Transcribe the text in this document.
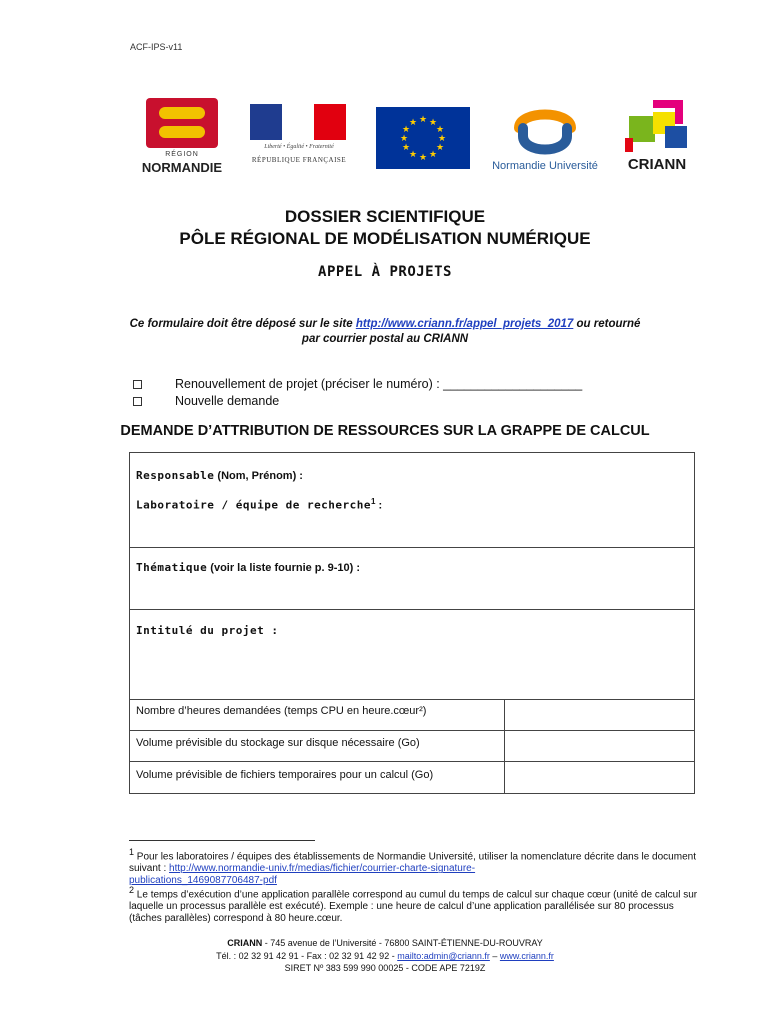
ACF-IPS-v11
RÉGION
NORMANDIE
Liberté • Égalité • Fraternité
RÉPUBLIQUE FRANÇAISE
★ ★
★
★
★
★
★
★
★
★
★
★
Normandie Université	CRIANN
DOSSIER SCIENTIFIQUE
PÔLE RÉGIONAL DE MODÉLISATION NUMÉRIQUE
APPEL À PROJETS
Ce formulaire doit être déposé sur le site http://www.criann.fr/appel_projets_2017 ou retourné
par courrier postal au CRIANN
Renouvellement de projet (préciser le numéro) : ____________________
Nouvelle demande
DEMANDE D’ATTRIBUTION DE RESSOURCES SUR LA GRAPPE DE CALCUL
Responsable (Nom, Prénom) :
Laboratoire / équipe de recherche$^1$ :
Thématique (voir la liste fournie p. 9-10) :
Intitulé du projet :
Nombre d’heures demandées (temps CPU en heure.cœur²)
Volume prévisible du stockage sur disque nécessaire (Go)
Volume prévisible de fichiers temporaires pour un calcul (Go)
$^1$ Pour les laboratoires / équipes des établissements de Normandie Université, utiliser la nomenclature décrite dans le document suivant : http://www.normandie-univ.fr/medias/fichier/courrier-charte-signature-
publications_1469087706487-pdf
$^2$ Le temps d’exécution d’une application parallèle correspond au cumul du temps de calcul sur chaque cœur (unité de calcul sur laquelle un processus parallèle est exécuté). Exemple : une heure de calcul d’une application parallélisée sur 80 processus (tâches parallèles) correspond à 80 heure.cœur.
CRIANN - 745 avenue de l’Université - 76800 SAINT-ÉTIENNE-DU-ROUVRAY
Tél. : 02 32 91 42 91 - Fax : 02 32 91 42 92 - mailto:admin@criann.fr – www.criann.fr
SIRET Nº 383 599 990 00025 - CODE APE 7219Z
